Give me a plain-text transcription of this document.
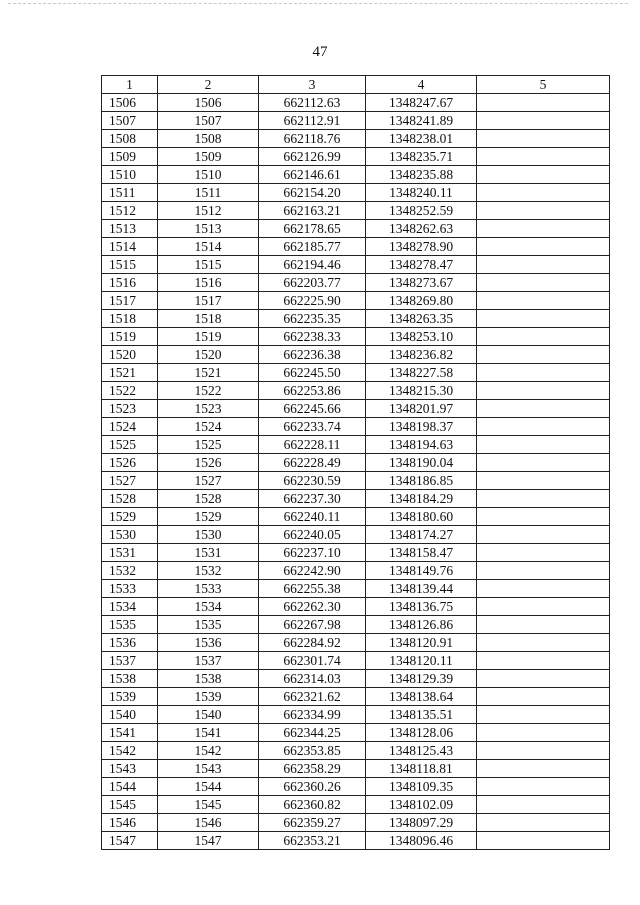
47
1	2	3	4	5
1506	1506	662112.63	1348247.67	
1507	1507	662112.91	1348241.89	
1508	1508	662118.76	1348238.01	
1509	1509	662126.99	1348235.71	
1510	1510	662146.61	1348235.88	
1511	1511	662154.20	1348240.11	
1512	1512	662163.21	1348252.59	
1513	1513	662178.65	1348262.63	
1514	1514	662185.77	1348278.90	
1515	1515	662194.46	1348278.47	
1516	1516	662203.77	1348273.67	
1517	1517	662225.90	1348269.80	
1518	1518	662235.35	1348263.35	
1519	1519	662238.33	1348253.10	
1520	1520	662236.38	1348236.82	
1521	1521	662245.50	1348227.58	
1522	1522	662253.86	1348215.30	
1523	1523	662245.66	1348201.97	
1524	1524	662233.74	1348198.37	
1525	1525	662228.11	1348194.63	
1526	1526	662228.49	1348190.04	
1527	1527	662230.59	1348186.85	
1528	1528	662237.30	1348184.29	
1529	1529	662240.11	1348180.60	
1530	1530	662240.05	1348174.27	
1531	1531	662237.10	1348158.47	
1532	1532	662242.90	1348149.76	
1533	1533	662255.38	1348139.44	
1534	1534	662262.30	1348136.75	
1535	1535	662267.98	1348126.86	
1536	1536	662284.92	1348120.91	
1537	1537	662301.74	1348120.11	
1538	1538	662314.03	1348129.39	
1539	1539	662321.62	1348138.64	
1540	1540	662334.99	1348135.51	
1541	1541	662344.25	1348128.06	
1542	1542	662353.85	1348125.43	
1543	1543	662358.29	1348118.81	
1544	1544	662360.26	1348109.35	
1545	1545	662360.82	1348102.09	
1546	1546	662359.27	1348097.29	
1547	1547	662353.21	1348096.46	
